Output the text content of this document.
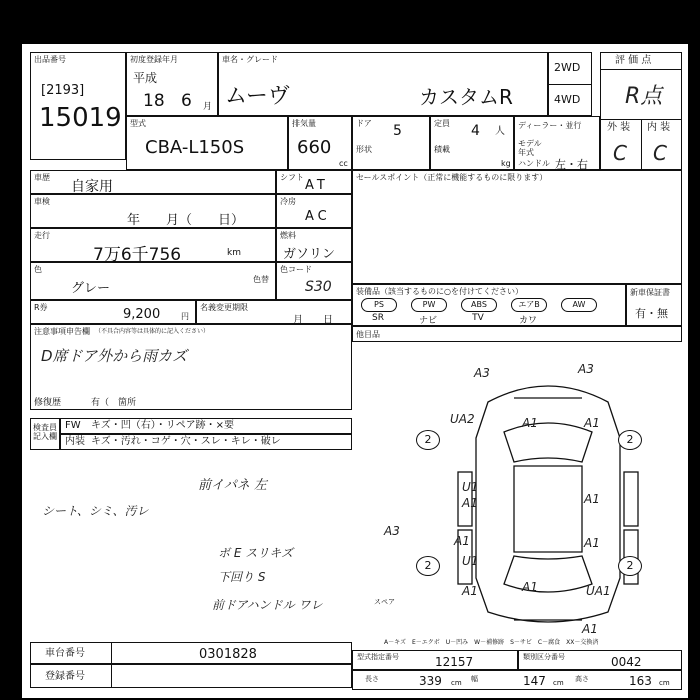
出品番号
[2193]
15019
初度登録年月
平成
18 6 月
車名・グレード
ムーヴ	カスタムR
2WD
4WD
評 価 点
R点
外 装 内 装
C C
型式
CBA-L150S
排気量
660
cc
ドア 5
形状
定員 4 人
積載
kg
ディーラー・並行
モデル年式
ハンドル 左・右
車歴
自家用
車検
年　　月（　　日）
走行
7万6千756	km
色
グレー
色替
シフト
AT
冷房
AC
燃料
ガソリン
色コード
S30
R券	9,200	円
名義変更期限
月　　日
注意事項申告欄 （不具合内容等は具体的に記入ください）
D席ドア外から雨カズ
修復歴	有（　箇所
セールスポイント（正常に機能するものに限ります）
装備品（該当するものに○を付けてください）
PS
SR
PW
ナビ
ABS
TV
エアB
カワ
AW
新車保証書
有・無
他目品
検査員記入欄
FW キズ・凹（右）・リペア跡・×要
内装 キズ・汚れ・コゲ・穴・スレ・キレ・破レ
前イパネ 左
シート、シミ、汚レ
ボ E スリキズ
下回り S
前ドアハンドル ワレ
2	2
2	2
A3	A3
A1
UA2	A1
U1
A1	A1
A1
U1
A1
A3
A1
A1	UA1
A1
スペア
A－キズ　E－エクボ　U－凹み　W－補修跡　S－サビ　C－腐食　XX－交換済
車台番号	0301828
登録番号
型式指定番号	12157	類別区分番号	0042
長さ	339 cm 幅	147 cm 高さ	163 cm
